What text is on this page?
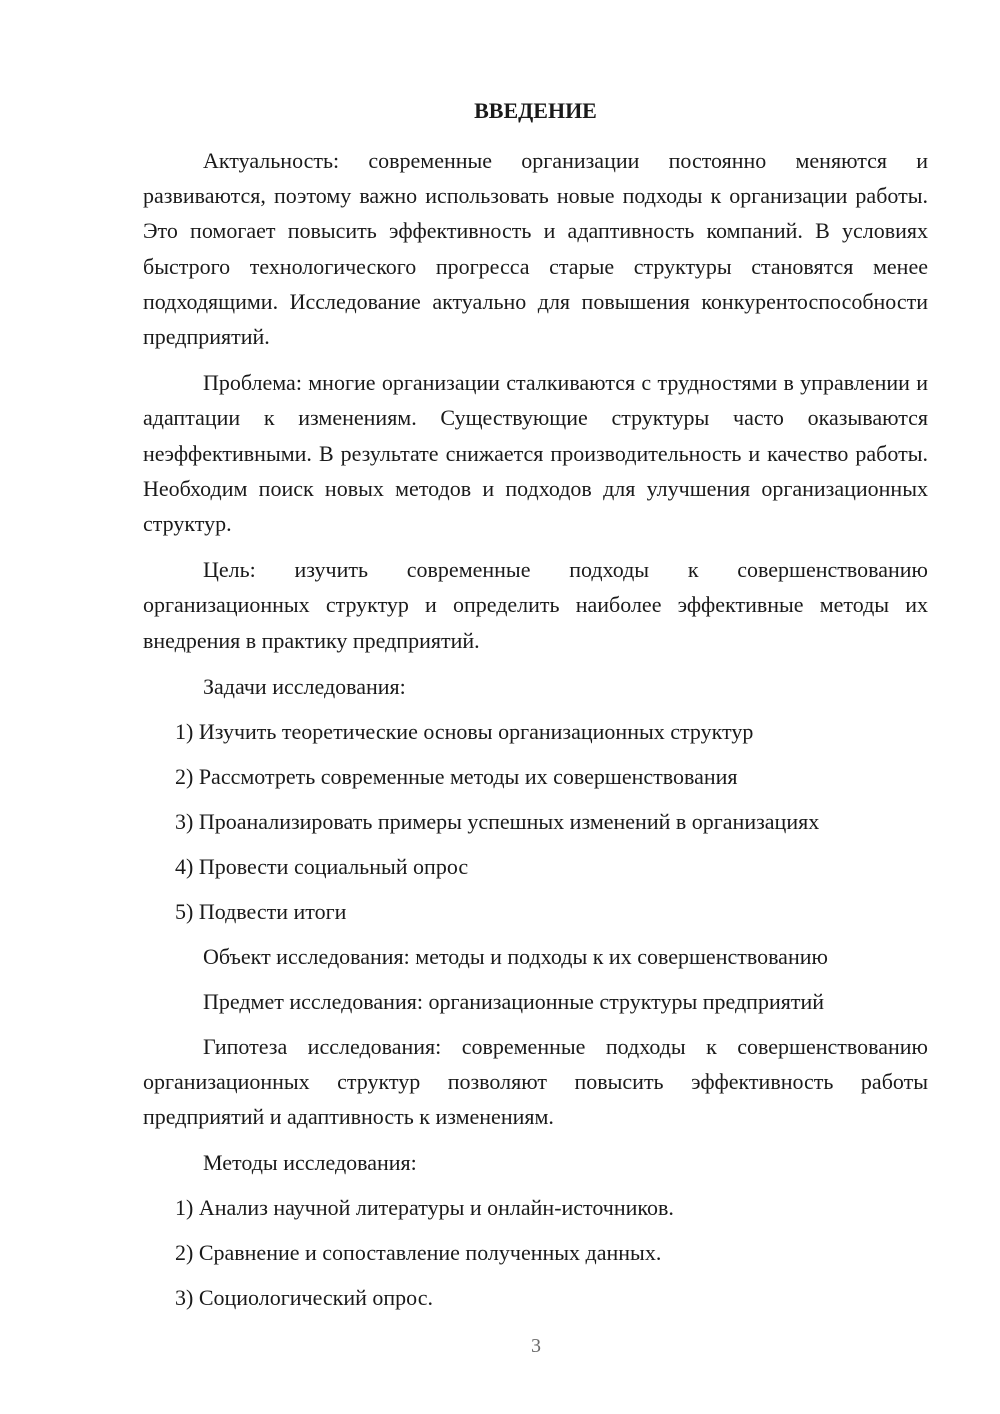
ВВЕДЕНИЕ

Актуальность: современные организации постоянно меняются и развиваются, поэтому важно использовать новые подходы к организации работы. Это помогает повысить эффективность и адаптивность компаний. В условиях быстрого технологического прогресса старые структуры становятся менее подходящими. Исследование актуально для повышения конкурентоспособности предприятий.

Проблема: многие организации сталкиваются с трудностями в управлении и адаптации к изменениям. Существующие структуры часто оказываются неэффективными. В результате снижается производительность и качество работы. Необходим поиск новых методов и подходов для улучшения организационных структур.

Цель: изучить современные подходы к совершенствованию организационных структур и определить наиболее эффективные методы их внедрения в практику предприятий.

Задачи исследования:
1) Изучить теоретические основы организационных структур
2) Рассмотреть современные методы их совершенствования
3) Проанализировать примеры успешных изменений в организациях
4) Провести социальный опрос
5) Подвести итоги
Объект исследования: методы и подходы к их совершенствованию
Предмет исследования: организационные структуры предприятий

Гипотеза исследования: современные подходы к совершенствованию организационных структур позволяют повысить эффективность работы предприятий и адаптивность к изменениям.

Методы исследования:
1) Анализ научной литературы и онлайн-источников.
2) Сравнение и сопоставление полученных данных.
3) Социологический опрос.
3
